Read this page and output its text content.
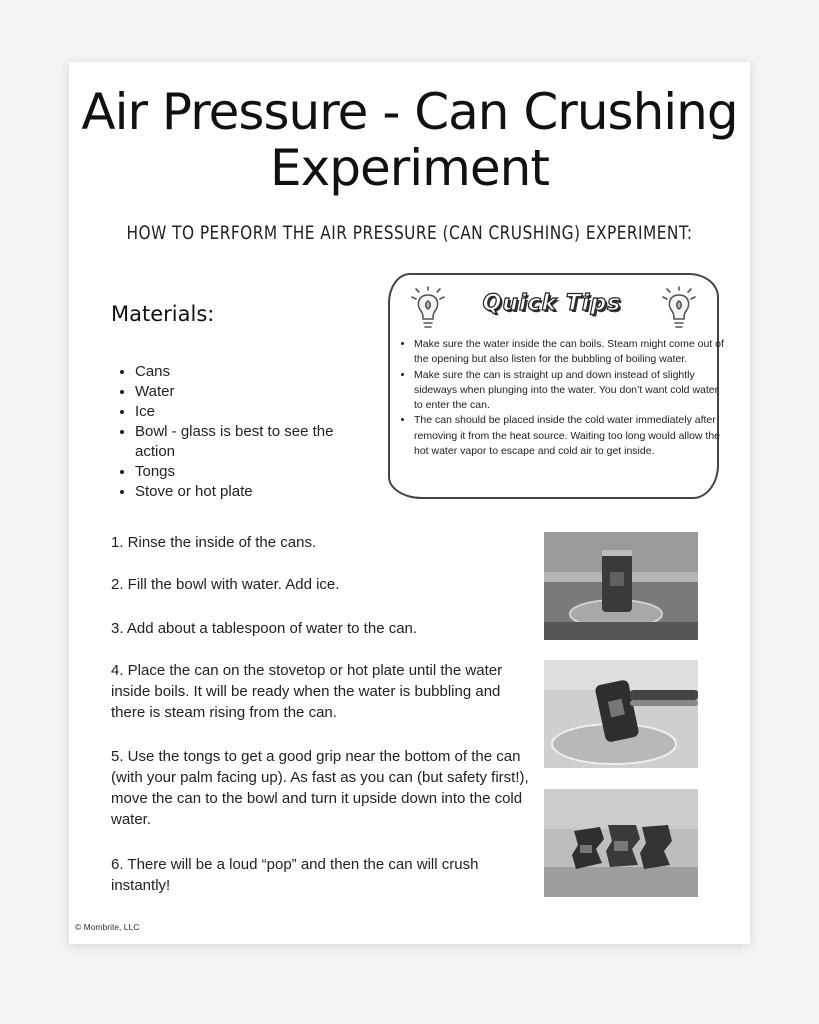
Air Pressure - Can Crushing Experiment
HOW TO PERFORM THE AIR PRESSURE (CAN CRUSHING) EXPERIMENT:
Materials:
• Cans
• Water
• Ice
• Bowl - glass is best to see the action
• Tongs
• Stove or hot plate
Quick Tips
• Make sure the water inside the can boils. Steam might come out of the opening but also listen for the bubbling of boiling water.
• Make sure the can is straight up and down instead of slightly sideways when plunging into the water. You don’t want cold water to enter the can.
• The can should be placed inside the cold water immediately after removing it from the heat source. Waiting too long would allow the hot water vapor to escape and cold air to get inside.
1. Rinse the inside of the cans.
2. Fill the bowl with water. Add ice.
3. Add about a tablespoon of water to the can.
4. Place the can on the stovetop or hot plate until the water inside boils. It will be ready when the water is bubbling and there is steam rising from the can.
5. Use the tongs to get a good grip near the bottom of the can (with your palm facing up). As fast as you can (but safety first!), move the can to the bowl and turn it upside down into the cold water.
6. There will be a loud “pop” and then the can will crush instantly!
© Mombrite, LLC
